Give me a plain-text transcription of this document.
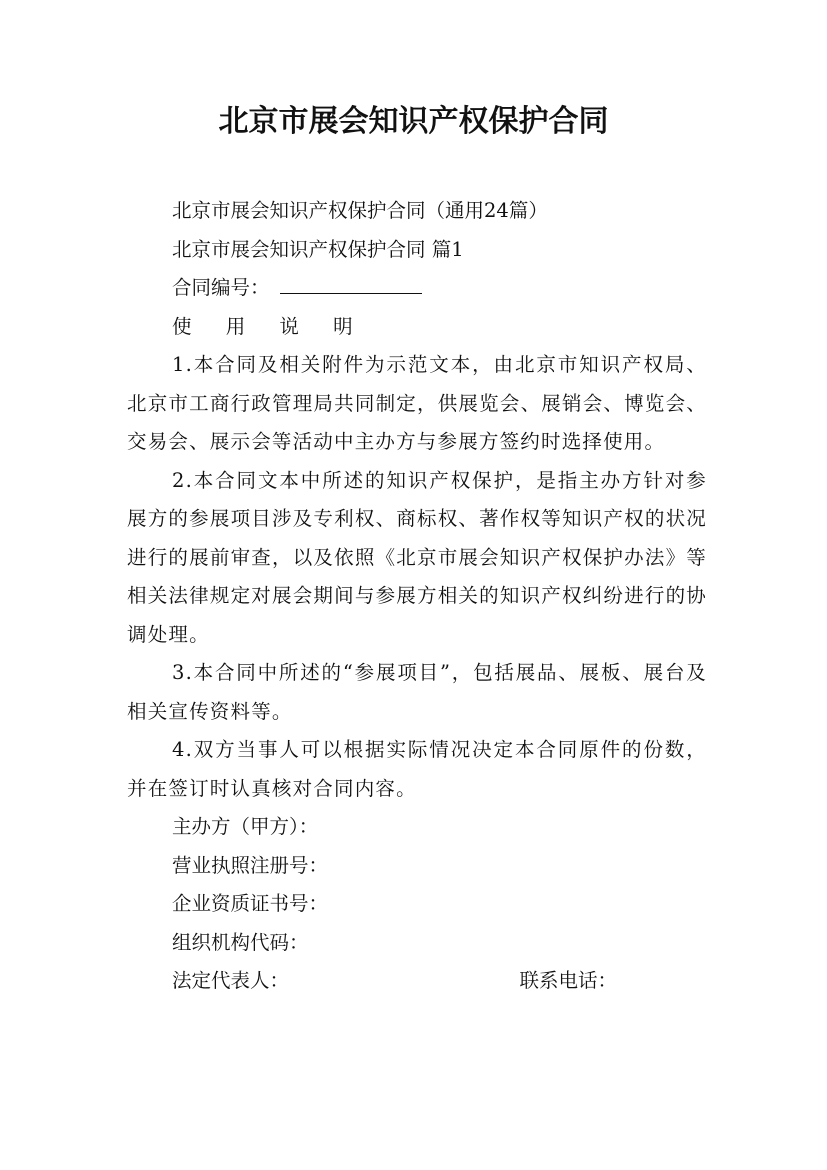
北京市展会知识产权保护合同
北京市展会知识产权保护合同（通用24篇）
北京市展会知识产权保护合同 篇1
合同编号：
使 用 说 明
1.本合同及相关附件为示范文本，由北京市知识产权局、北京市工商行政管理局共同制定，供展览会、展销会、博览会、交易会、展示会等活动中主办方与参展方签约时选择使用。
2.本合同文本中所述的知识产权保护，是指主办方针对参展方的参展项目涉及专利权、商标权、著作权等知识产权的状况进行的展前审查，以及依照《北京市展会知识产权保护办法》等相关法律规定对展会期间与参展方相关的知识产权纠纷进行的协调处理。
3.本合同中所述的“参展项目”，包括展品、展板、展台及相关宣传资料等。
4.双方当事人可以根据实际情况决定本合同原件的份数，并在签订时认真核对合同内容。
主办方（甲方）：
营业执照注册号：
企业资质证书号：
组织机构代码：
法定代表人：	联系电话：
